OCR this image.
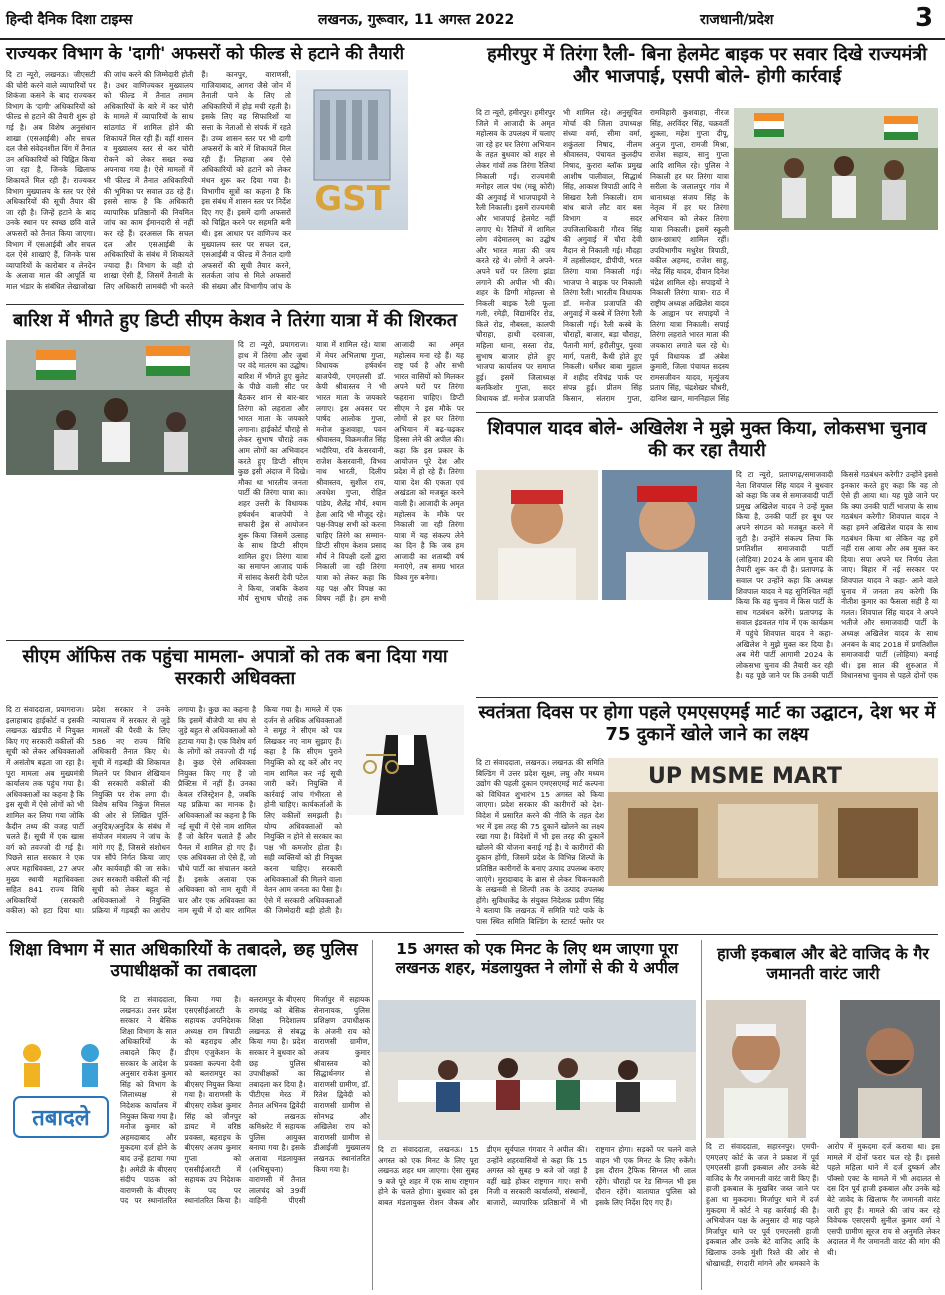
हिन्दी दैनिक दिशा टाइम्स	लखनऊ, गुरूवार, 11 अगस्त 2022	राजधानी/प्रदेश	3
राज्यकर विभाग के 'दागी' अफसरों को फील्ड से हटाने की तैयारी
दि टा न्यूरो, लखनऊ। जीएसटी की चोरी करने वाले व्यापारियों पर शिकंजा कसने के बाद राज्यकर विभाग के 'दागी' अधिकारियों को फील्ड से हटाने की तैयारी शुरू हो गई है। अब विशेष अनुसंधान शाखा (एसआईबी) और सचल दल जैसे संवेदनशील विंग में तैनात उन अधिकारियों को चिह्नित किया जा रहा है, जिनके खिलाफ शिकायतें मिल रही हैं। राज्यकर विभाग मुख्यालय के स्तर पर ऐसे अधिकारियों की सूची तैयार की जा रही है। जिन्हें हटाने के बाद उनके स्थान पर स्वच्छ छवि वाले अफसरों को तैनात किया जाएगा। विभाग में एसआईबी और सचल दल ऐसे शाखाएं हैं, जिनके पास व्यापारियों के कारोबार व लेनदेन के अलावा माल की आपूर्ति या माल भंडार के संबंधित लेखाजोखा की जांच करने की जिम्मेदारी होती है। उधर वाणिज्यकर मुख्यालय को फील्ड में तैनात तमाम अधिकारियों के बारे में कर चोरी के मामले में व्यापारियों के साथ सांठगांठ में शामिल होने की शिकायतें मिल रही हैं। वहीं शासन व मुख्यालय स्तर से कर चोरी रोकने को लेकर सख्त रुख अपनाया गया है। ऐसे मामलों में भी फील्ड में तैनात अधिकारियों की भूमिका पर सवाल उठ रहे हैं। इससे साफ है कि अधिकारी व्यापारिक प्रतिष्ठानों की नियमित जांच का काम ईमानदारी से नहीं कर रहे हैं। दरअसल कि सचल दल और एसआईबी के अधिकारियों के संबंध में शिकायतें ज्यादा हैं। विभाग के वही दो शाखा ऐसी हैं, जिसमें तैनाती के लिए अधिकारी लामबंदी भी करते हैं। कानपुर, वाराणसी, गाजियाबाद, आगरा जैसे जोन में तैनाती पाने के लिए तो अधिकारियों में होड़ मची रहती है। इसके लिए वह सिफारिशों या सत्ता के नेताओं से संपर्क में रहते हैं। उच्च शासन स्तर पर भी दागी अफसरों के बारे में शिकायतें मिल रही हैं। लिहाजा अब ऐसे अधिकारियों को हटाने को लेकर मंथन शुरू कर दिया गया है। विभागीय सूत्रों का कहना है कि इस संबंध में शासन स्तर पर निर्देश दिए गए हैं। इसमें दागी अफसरों को चिह्नित करने पर सहमति बनी थी। इस आधार पर वाणिज्य कर मुख्यालय स्तर पर सचल दल, एसआईबी व फील्ड में तैनात दागी अफसरों की सूची तैयार करने, सतर्कता जांच से मिले अफसरों की संख्या और विभागीय जांच के
GST
हमीरपुर में तिरंगा रैली- बिना हेलमेट बाइक पर सवार दिखे राज्यमंत्री और भाजपाई, एसपी बोले- होगी कार्रवाई
दि टा न्यूरो, हमीरपुर। हमीरपुर जिले में आजादी के अमृत महोत्सव के उपलक्ष्य में चलाए जा रहे हर घर तिरंगा अभियान के तहत बुधवार को शहर से लेकर गांवों तक तिरंगा रैलियां निकाली गईं। राज्यमंत्री मनोहर लाल पंथ (मन्नू कोरी) की अगुवाई में भाजपाइयों ने रैली निकाली। इसमें राज्यमंत्री और भाजपाई हेलमेट नहीं लगाए थे। रैलियों में शामिल लोग वंदेमातरम् का उद्घोष और भारत माता की जय करते रहे थे। लोगों ने अपने-अपने घरों पर तिरंगा झंडा लगाने की अपील भी की। शहर के डिग्गी मोहल्ला से निकली बाइक रैली फूला गली, रमेड़ी, विद्यामंदिर रोड, किले रोड, नौबस्ता, कालपी चौराहा, हाथी दरवाजा, महिला थाना, सस्ता रोड, सुभाष बाजार होते हुए भाजपा कार्यालय पर समाप्त हुई। इसमें जिलाध्यक्ष बलकिशोर गुप्ता, सदर विधायक डॉ. मनोज प्रजापति भी शामिल रहे। अनुसूचित मोर्चा की जिला उपाध्यक्ष संध्या वर्मा, सीमा वर्मा, शकुंतला निषाद, नीलम श्रीवास्तव, पंचायत कुलदीप निषाद, कुरारा ब्लॉक प्रमुख आशीष पालीवाल, सिद्धार्थ सिंह, आकाश त्रिपाठी आदि ने सिखरा रैली निकाली। राम बांध बाजे लौट वार बस विभाग व सदर उपजिलाधिकारी गौरव सिंह की अगुवाई में चौरा देवी मैदान से निकाली गई। मौदहा में तहसीलदार, डीपीपी, भरत तिरंगा यात्रा निकाली गई। भाजपा ने बाइक पर निकाली तिरंगा रैली। भारतीय विधायक डॉ. मनोज प्रजापति की अगुवाई में कस्बे में तिरंगा रैली निकाली गई। रैली कस्बे के चौराहों, बाजार, बड़ा चौराहा, पैतानी मार्ग, हरौलीपुर, पुरवा मार्ग, पतारी, कैथी होते हुए निकली। धर्मेंधर बाबा मुहाल में शहीद रविचंद्र पार्क पर संपन्न हुई। प्रीतम सिंह किसान, संतराम गुप्ता, रामविहारी कुशवाहा, नीरज सिंह, अरविंदर सिंह, चक्रवर्ती शुक्ला, महेश गुप्ता दीपू, अनुज गुप्ता, रामजी मिश्रा, राजेश सहाय, सानु गुप्ता आदि शामिल रहे। पुलिस ने निकाली हर घर तिरंगा यात्रा सरीला के जलालपुर गांव में थानाध्यक्ष संजय सिंह के नेतृत्व में हर घर तिरंगा अभियान को लेकर तिरंगा यात्रा निकाली। इसमें स्कूली छात्र-छात्राएं शामिल रहीं। उपविभागीय मधुरेश त्रिपाठी, वकील अहमद, राजेश साहू, नरेंद्र सिंह यादव, दीवान दिनेश चंद्रेश शामिल रहे। सपाइयों ने निकाली तिरंगा यात्रा- राठ में राष्ट्रीय अध्यक्ष अखिलेश यादव के आह्वान पर सपाइयों ने तिरंगा यात्रा निकाली। सपाई तिरंगा लहराते भारत माता की जयकारा लगाते चल रहे थे। पूर्व विधायक डॉ अंबेश कुमारी, जिला पंचायत सदस्य रामसजीवन यादव, मृत्युंजय प्रताप सिंह, चंद्रशेखर चौधरी, दानिश खान, माननिहाल सिंह
बारिश में भीगते हुए डिप्टी सीएम केशव ने तिरंगा यात्रा में की शिरकत
दि टा न्यूरो, प्रयागराज। हाथ में तिरंगा और जुबां पर वंदे मातरम का उद्घोष। बारिश में भीगते हुए बुलेट के पीछे वाली सीट पर बैठकर शान से बार-बार तिरंगा को लहराता और भारत माता के जयकारे लगाना। हाईकोर्ट चौराहे से लेकर सुभाष चौराहे तक आम लोगों का अभिवादन करते हुए डिप्टी सीएम कुछ इसी अंदाज में दिखे। मौका था भारतीय जनता पार्टी की तिरंगा यात्रा का। शहर उत्तरी के विधायक हर्षवर्धन बाजपेयी ने सफारी ड्रेस से आयोजन शुरू किया जिसमें उत्साह के साथ डिप्टी सीएम शामिल हुए। तिरंगा यात्रा का समापन आजाद पार्क में सांसद केसरी देवी पटेल ने किया, जबकि केशव मौर्य सुभाष चौराहे तक यात्रा में शामिल रहे। यात्रा में मेयर अभिलाषा गुप्ता, विधायक हर्षवर्धन बाजपेयी, एमएलसी डॉ. केपी श्रीवास्तव ने भी भारत माता के जयकारे लगाए। इस अवसर पर पार्षद आलोक गुप्ता, मनोज कुशवाहा, पवन श्रीवास्तव, विक्रमजीत सिंह भदौरिया, रवि केसरवानी, राजेश केसरवानी, विभव नाथ भारती, दिलीप श्रीवास्तव, सुशील राय, अवधेश गुप्ता, रोहित पांडेय, शैलेंद्र मौर्य, श्याम हेला आदि भी मौजूद रहे। पक्ष-विपक्ष सभी को करना चाहिए तिरंगे का सम्मान- डिप्टी सीएम केशव प्रसाद मौर्य ने विपक्षी दलों द्वारा निकाली जा रही तिरंगा यात्रा को लेकर कहा कि यह पक्ष और विपक्ष का विषय नहीं है। हम सभी आजादी का अमृत महोत्सव मना रहे हैं। यह राष्ट्र पर्व है और सभी भारत वासियों को मिलकर अपने घरों पर तिरंगा फहराना चाहिए। डिप्टी सीएम ने इस मौके पर लोगों से हर घर तिरंगा अभियान में बढ़-चढ़कर हिस्सा लेने की अपील की। कहा कि इस प्रकार के आयोजन पूरे देश और प्रदेश में हो रहे हैं। तिरंगा यात्रा देश की एकता एवं अखंडता को मजबूत करने वाली है। आजादी के अमृत महोत्सव के मौके पर निकाली जा रही तिरंगा यात्रा में यह संकल्प लेने का दिन है कि जब हम आजादी का शताब्दी वर्ष मनाएंगे, तब समग्र भारत विश्व गुरु बनेगा।
शिवपाल यादव बोले- अखिलेश ने मुझे मुक्त किया, लोकसभा चुनाव की कर रहा तैयारी
दि टा न्यूरो, प्रतापगढ़/समाजवादी नेता शिवपाल सिंह यादव ने बुधवार को कहा कि जब से समाजवादी पार्टी प्रमुख अखिलेश यादव ने उन्हें मुक्त किया है, उनकी पार्टी हर बूथ पर अपने संगठन को मजबूत करने में जुटी है। उन्होंने संकल्प लिया कि प्रगतिशील समाजवादी पार्टी (लोहिया) 2024 के आम चुनाव की तैयारी शुरू कर दी है। प्रतापगढ़ के सवाल पर उन्होंने कहा कि अध्यक्ष शिवपाल यादव ने यह सुनिश्चित नहीं किया कि वह चुनाव में किस पार्टी के साथ गठबंधन करेंगे। प्रतापगढ़ के सवाल इंडवलत गांव में एक कार्यक्रम में पहुंचे शिवपाल यादव ने कहा- अखिलेश ने मुझे मुक्त कर दिया है। अब मेरी पार्टी आगामी 2024 के लोकसभा चुनाव की तैयारी कर रही है। यह पूछे जाने पर कि उनकी पार्टी किससे गठबंधन करेगी? उन्होंने इससे इनकार करते हुए कहा कि वह तो ऐसे ही आया था। यह पूछे जाने पर कि क्या उनकी पार्टी भाजपा के साथ गठबंधन करेगी? शिवपाल यादव ने कहा हमने अखिलेश यादव के साथ गठबंधन किया था लेकिन वह हमें नहीं रास आया और अब मुक्त कर दिया। सपा अपने घर निर्णय लेता जाए। बिहार में नई सरकार पर शिवपाल यादव ने कहा- आने वाले चुनाव में जनता तय करेगी कि नीतीश कुमार का फैसला सही है या गलत। शिवपाल सिंह यादव ने अपने भतीजे और समाजवादी पार्टी के अध्यक्ष अखिलेश यादव के साथ अनबन के बाद 2018 में प्रगतिशील समाजवादी पार्टी (लोहिया) बनाई थी। इस साल की शुरुआत में विधानसभा चुनाव से पहले दोनों एक
सीएम ऑफिस तक पहुंचा मामला- अपात्रों को तक बना दिया गया सरकारी अधिवक्ता
दि टा संवाददाता, प्रयागराज। इलाहाबाद हाईकोर्ट व इसकी लखनऊ खंडपीठ में नियुक्त किए गए सरकारी वकीलों की सूची को लेकर अधिवक्ताओं में असंतोष बढ़ता जा रहा है। पूरा मामला अब मुख्यमंत्री कार्यालय तक पहुंच गया है। अधिवक्ताओं का कहना है कि इस सूची में ऐसे लोगों को भी शामिल कर लिया गया जोकि कैदीन तथ्य की वजह पार्टी चलते हैं। सूची में एक खास वर्ग को तवज्जो दी गई है। पिछले साल सरकार ने एक अपर महाधिवक्ता, 27 अपर मुख्य स्थायी महाधिवक्ता सहित 841 राज्य विधि अधिकारियों (सरकारी वकील) को हटा दिया था। प्रदेश सरकार ने उनके न्यायालय में सरकार से जुड़े मामलों की पैरवी के लिए 586 नए राज्य विधि अधिकारी तैनात किए थे। सूची में गड़बड़ी की शिकायत मिलने पर विधान शेखियान की सरकारी वकीलों की नियुक्ति पर रोक लगा दी। विशेष सचिव निकुंज मित्तल की ओर से लिखित पूर्ति- अनुदित्र/अनुदित्र के संबंध में संयोजन मंत्रालय ने जांच के मांगे गए हैं, जिससे संशोधन पत्र सौंपे निर्गत किया जाए और कार्यवाही की जा सके। उधर सरकारी वकीलों की नई सूची को लेकर बहुत से अधिवक्ताओं ने नियुक्ति प्रक्रिया में गड़बड़ी का आरोप लगाया है। कुछ का कहना है कि इसमें बीजेपी या संघ से जुड़े बहुत से अधिवक्ताओं को हटाया गया है। एक विशेष वर्ग के लोगों को तवज्जो दी गई है। कुछ ऐसे अधिवक्ता नियुक्त किए गए हैं जो प्रैक्टिस में नहीं हैं। उनका केवल रजिस्ट्रेशन है, जबकि यह प्रक्रिया का मानक है। अधिवक्ताओं का कहना है कि नई सूची में ऐसे नाम शामिल हैं जो केरिन चलाते हैं और पैनल में शामिल हो गए हैं। एक अधिवक्ता तो ऐसे हैं, जो चौथे पार्टी का संचालन करते हैं। इसके अलावा एक अधिवक्ता को नाम सूची में चार और एक अधिवक्ता का नाम सूची में दो बार शामिल किया गया है। मामले में एक दर्जन से अधिक अधिवक्ताओं ने समूह ने सीएम को पत्र लिखकर नए नाम सुझाए हैं। कहा है कि सीएम पुराने नियुक्ति को रद्द करें और नए नाम शामिल कर नई सूची जारी करें। नियुक्ति में कार्रवाई जांच गंभीरता से होनी चाहिए। कार्यकर्ताओं के लिए वकीलों समझती है। योग्य अधिवक्ताओं को नियुक्ति न होने से सरकार का पक्ष भी कमजोर होता है। सही व्यक्तियों को ही नियुक्त करना चाहिए। सरकारी अधिवक्ताओं की मिलने वाला वेतन आम जनता का पैसा है। ऐसे में सरकारी अधिवक्ताओं की जिम्मेदारी बड़ी होती है।
स्वतंत्रता दिवस पर होगा पहले एमएसएमई मार्ट का उद्घाटन, देश भर में 75 दुकानें खोले जाने का लक्ष्य
दि टा संवाददाता, लखनऊ। लखनऊ की समिति बिल्डिंग में उत्तर प्रदेश सूक्ष्म, लघु और मध्यम उद्योग की पहली दुकान एमएसएमई मार्ट कल्पना को विधिवत शुभारंभ 15 अगस्त को किया जाएगा। प्रदेश सरकार की कारीगरों को देश-विदेश में प्रसारित करने की नीति के तहत देश भर में इस तरह की 75 दुकानें खोलने का लक्ष्य रखा गया है। विदेशों में भी इस तरह की दुकानें खोलने की योजना बनाई गई है। ये कारीगरों की दुकान होंगी, जिसमें प्रदेश के विभिन्न शिल्पों के प्रतिष्ठित कारीगरों के बनाए उत्पाद उपलब्ध कराए जाएंगे। मुरादाबाद के ब्रास से लेकर चिकनकारी के लखनवी से शिल्पी तक के उत्पाद उपलब्ध होंगे। सुविधाकेंद्र के संयुक्त निदेशक प्रवीण सिंह ने बताया कि लखनऊ में समिति पाटे पाके के पास स्थित समिति बिल्डिंग के स्टारर्ट फ्लोर पर
UP MSME MART
शिक्षा विभाग में सात अधिकारियों के तबादले, छह पुलिस उपाधीक्षकों का तबादला
तबादले
दि टा संवाददाता, लखनऊ। उत्तर प्रदेश सरकार ने बेसिक शिक्षा विभाग के सात अधिकारियों के तबादले किए हैं। सरकार के आदेश के अनुसार राकेश कुमार सिंह को विभाग के जिलाध्यक्ष से निदेशक कार्यालय में नियुक्त किया गया है। मनोज कुमार को अहमदाबाद और मुकदमा दर्ज होने के बाद उन्हें हटाया गया है। अमेठी के बीएसए संदीप पाठक को वाराणसी के बीएसए पद पर स्थानांतरित किया गया है। एसएसीईआरटी के सहायक उपनिदेशक अध्यक्ष राम त्रिपाठी को बहराइच और डीएम एजुकेशन के प्रवक्ता कल्पना देवी को बलरामपुर का बीएसए नियुक्त किया गया है। वाराणसी के बीएसए राकेश कुमार सिंह को जौनपुर डायट में वरिष्ठ प्रवक्ता, बहराइच के बीएसए अजय कुमार गुप्ता को एससीईआरटी में सहायक उप निदेशक के पद पर स्थानांतरित किया है। बलरामपुर के बीएसए रामचंद्र को बेसिक शिक्षा निदेशालय लखनऊ से संबद्ध किया गया है। प्रदेश सरकार ने बुधवार को छह पुलिस उपाधीक्षकों का तबादला कर दिया है। पीटीएस मेरठ में तैनात अभिनव द्विवेदी को लखनऊ कमिश्नरेट में सहायक पुलिस आयुक्त बनाया गया है। इसके अलावा मंडलायुक्त (अभिसूचना) वाराणसी में तैनात लालचंद को 39वीं वाहिनी पीएसी मिर्जापुर में सहायक सेनानायक, पुलिस प्रशिक्षण उपाधीक्षक के अंजनी राय को वाराणसी ग्रामीण, अजय कुमार श्रीवास्तव को सिद्धार्थनगर से वाराणसी ग्रामीण, डॉ. रितेश द्विवेदी को वाराणसी ग्रामीण से सोनभद्र और अखिलेश राय को वाराणसी ग्रामीण से डीआईजी मुख्यालय लखनऊ स्थानांतरित किया गया है।
15 अगस्त को एक मिनट के लिए थम जाएगा पूरा लखनऊ शहर, मंडलायुक्त ने लोगों से की ये अपील
दि टा संवाददाता, लखनऊ। 15 अगस्त को एक मिनट के लिए पूरा लखनऊ शहर थम जाएगा। ऐसा सुबह 9 बजे पूरे शहर में एक साथ राष्ट्रगान होने के चलते होगा। बुधवार को इस बाबत मंडलायुक्त रोशन जैकब और डीएम सूर्यपाल गंगवार ने अपील की। उन्होंने शहरवासियों से कहा कि 15 अगस्त को सुबह 9 बजे जो जहां है वहीं खड़े होकर राष्ट्रगान गाए। सभी निजी व सरकारी कार्यालयों, संस्थानों, बाजारों, व्यापारिक प्रतिष्ठानों में भी राष्ट्रगान होगा। सड़कों पर चलने वाले वाहन भी एक मिनट के लिए रुकेंगे। इस दौरान ट्रैफिक सिग्नल भी लाल रहेंगे। चौराहों पर रेड सिग्नल भी इस दौरान रहेंगे। यातायात पुलिस को इसके लिए निर्देश दिए गए हैं।
हाजी इकबाल और बेटे वाजिद के गैर जमानती वारंट जारी
दि टा संवाददाता, सहारनपुर। एमपी-एमएलए कोर्ट के जज ने प्रकाश में पूर्व एमएलसी हाजी इकबाल और उनके बेटे वाजिद के गैर जमानती वारंट जारी किए हैं। हाजी इकबाल के मुखबिर जब्त जाने पर हुआ था मुकदमा। मिर्जापुर थाने में दर्ज मुकदमा में कोर्ट ने यह कार्रवाई की है। अभियोजन पक्ष के अनुसार दो माह पहले मिर्जापुर थाने पर पूर्व एमएलसी हाजी इकबाल और उनके बेटे वाजिद आदि के खिलाफ उनके मुंशी रिश्ते की ओर से धोखाधड़ी, रंगदारी मांगने और धमकाने के आरोप में मुकदमा दर्ज कराया था। इस मामले में दोनों फरार चल रहे हैं। इससे पहले महिला थाने में दर्ज दुष्कर्म और पॉक्सो एक्ट के मामले में भी अदालत से दस दिन पूर्व हाजी इकबाल और उनके बड़े बेटे जावेद के खिलाफ गैर जमानती वारंट जारी हुए हैं। मामले की जांच कर रहे विवेचक एसएसपी सुनील कुमार वर्मा ने एसपी ग्रामीण सूरज राय से अनुमति लेकर अदालत में गैर जमानती वारंट की मांग की थी।
